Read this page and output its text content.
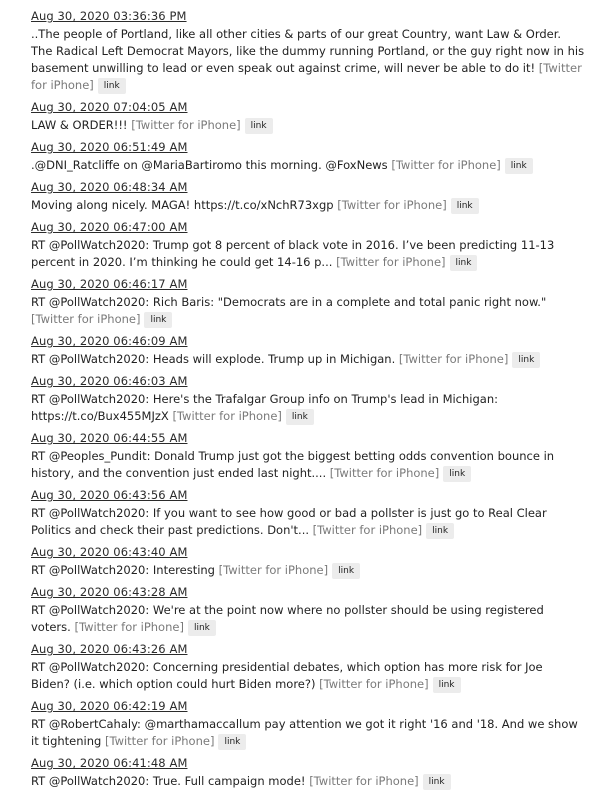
Aug 30, 2020 03:36:36 PM
..The people of Portland, like all other cities & parts of our great Country, want Law & Order. The Radical Left Democrat Mayors, like the dummy running Portland, or the guy right now in his basement unwilling to lead or even speak out against crime, will never be able to do it! [Twitter for iPhone] link
Aug 30, 2020 07:04:05 AM
LAW & ORDER!!! [Twitter for iPhone] link
Aug 30, 2020 06:51:49 AM
.@DNI_Ratcliffe on @MariaBartiromo this morning. @FoxNews [Twitter for iPhone] link
Aug 30, 2020 06:48:34 AM
Moving along nicely. MAGA! https://t.co/xNchR73xgp [Twitter for iPhone] link
Aug 30, 2020 06:47:00 AM
RT @PollWatch2020: Trump got 8 percent of black vote in 2016. I’ve been predicting 11-13 percent in 2020. I’m thinking he could get 14-16 p... [Twitter for iPhone] link
Aug 30, 2020 06:46:17 AM
RT @PollWatch2020: Rich Baris: "Democrats are in a complete and total panic right now." [Twitter for iPhone] link
Aug 30, 2020 06:46:09 AM
RT @PollWatch2020: Heads will explode. Trump up in Michigan. [Twitter for iPhone] link
Aug 30, 2020 06:46:03 AM
RT @PollWatch2020: Here's the Trafalgar Group info on Trump's lead in Michigan: https://t.co/Bux455MJzX [Twitter for iPhone] link
Aug 30, 2020 06:44:55 AM
RT @Peoples_Pundit: Donald Trump just got the biggest betting odds convention bounce in history, and the convention just ended last night.... [Twitter for iPhone] link
Aug 30, 2020 06:43:56 AM
RT @PollWatch2020: If you want to see how good or bad a pollster is just go to Real Clear Politics and check their past predictions. Don't... [Twitter for iPhone] link
Aug 30, 2020 06:43:40 AM
RT @PollWatch2020: Interesting [Twitter for iPhone] link
Aug 30, 2020 06:43:28 AM
RT @PollWatch2020: We're at the point now where no pollster should be using registered voters. [Twitter for iPhone] link
Aug 30, 2020 06:43:26 AM
RT @PollWatch2020: Concerning presidential debates, which option has more risk for Joe Biden? (i.e. which option could hurt Biden more?) [Twitter for iPhone] link
Aug 30, 2020 06:42:19 AM
RT @RobertCahaly: @marthamaccallum pay attention we got it right '16 and '18. And we show it tightening [Twitter for iPhone] link
Aug 30, 2020 06:41:48 AM
RT @PollWatch2020: True. Full campaign mode! [Twitter for iPhone] link
